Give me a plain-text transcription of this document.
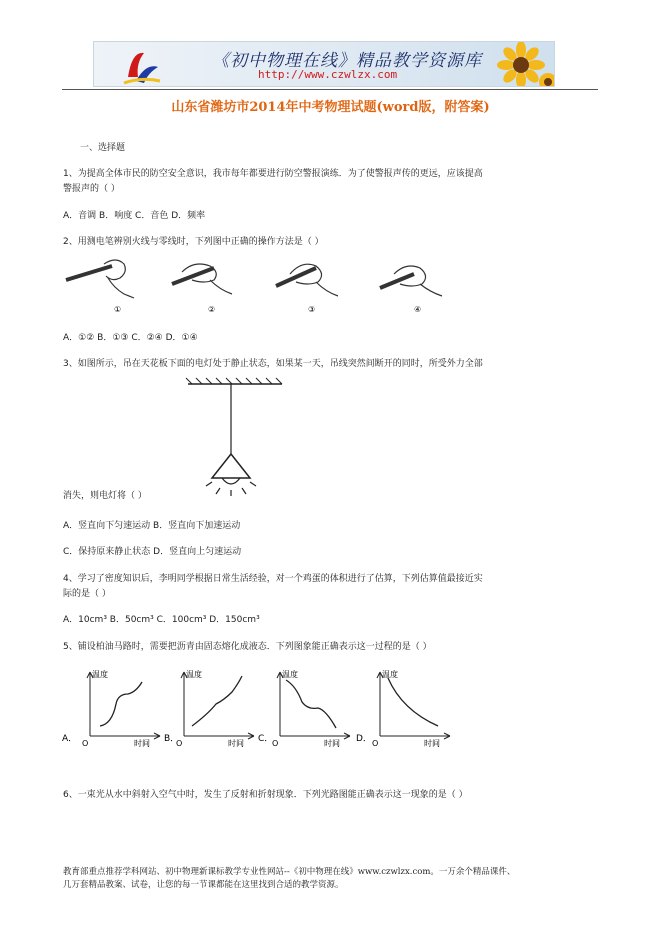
《初中物理在线》精品教学资源库
http://www.czwlzx.com
山东省潍坊市2014年中考物理试题(word版，附答案)
一、选择题
1、为提高全体市民的防空安全意识，我市每年都要进行防空警报演练．为了使警报声传的更远，应该提高
警报声的（ ）
A．音调 B．响度 C．音色 D．频率
2、用测电笔辨别火线与零线时，下列图中正确的操作方法是（ ）
①	②	③	④
A．①② B．①③ C．②④ D．①④
3、如图所示，吊在天花板下面的电灯处于静止状态，如果某一天，吊线突然间断开的同时，所受外力全部
消失，则电灯将（ ）
A．竖直向下匀速运动 B．竖直向下加速运动
C．保持原来静止状态 D．竖直向上匀速运动
4、学习了密度知识后，李明同学根据日常生活经验，对一个鸡蛋的体积进行了估算，下列估算值最接近实
际的是（ ）
A．10cm³ B．50cm³ C．100cm³ D．150cm³
5、铺设柏油马路时，需要把沥青由固态熔化成液态．下列图象能正确表示这一过程的是（ ）
A．
温度
时间
O	B．
温度
时间
O	C．
温度
时间
O	D．
温度
时间
O
6、一束光从水中斜射入空气中时，发生了反射和折射现象．下列光路图能正确表示这一现象的是（ ）
教育部重点推荐学科网站、初中物理新课标教学专业性网站--《初中物理在线》www.czwlzx.com。一万余个精品课件、
几万套精品教案、试卷，让您的每一节课都能在这里找到合适的教学资源。
